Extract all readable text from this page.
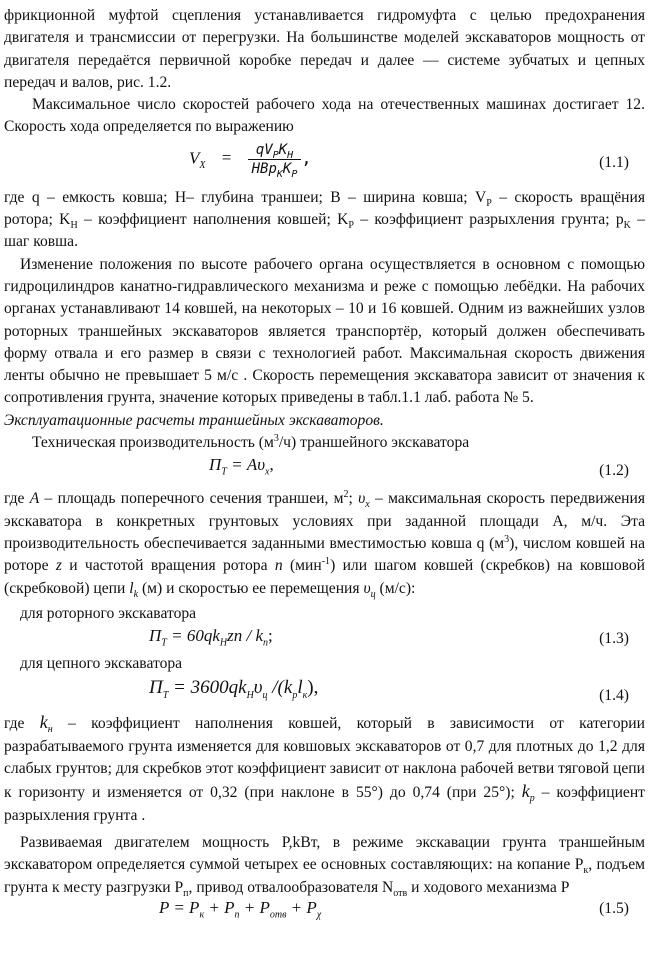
фрикционной муфтой сцепления устанавливается гидромуфта с целью предохранения двигателя и трансмиссии от перегрузки. На большинстве моделей экскаваторов мощность от двигателя передаётся первичной коробке передач и далее — системе зубчатых и цепных передач и валов, рис. 1.2.

Максимальное число скоростей рабочего хода на отечественных машинах достигает 12. Скорость хода определяется по выражению

$V_X = \frac{qV_PK_H}{HBp_KK_P}$ ,	(1.1)

где q – емкость ковша; H– глубина траншеи; B – ширина ковша; $V_P$ – скорость вращёния ротора; $K_H$ – коэффициент наполнения ковшей; $K_P$ – коэффициент разрыхления грунта; $p_K$ – шаг ковша.

Изменение положения по высоте рабочего органа осуществляется в основном с помощью гидроцилиндров канатно-гидравлического механизма и реже с помощью лебёдки. На рабочих органах устанавливают 14 ковшей, на некоторых – 10 и 16 ковшей. Одним из важнейших узлов роторных траншейных экскаваторов является транспортёр, который должен обеспечивать форму отвала и его размер в связи с технологией работ. Максимальная скорость движения ленты обычно не превышает 5 м/с . Скорость перемещения экскаватора зависит от значения к сопротивления грунта, значение которых приведены в табл.1.1 лаб. работа № 5.

Эксплуатационные расчеты траншейных экскаваторов.

Техническая производительность $(м^3/ч)$ траншейного экскаватора

$П_Т = A\upsilon_x$,	(1.2)

где A – площадь поперечного сечения траншеи, $м^2$; $\upsilon_x$ – максимальная скорость передвижения экскаватора в конкретных грунтовых условиях при заданной площади А, м/ч. Эта производительность обеспечивается заданными вместимостью ковша q $(м^3)$, числом ковшей на роторе z и частотой вращения ротора n (мин$^{-1}$) или шагом ковшей (скребков) на ковшовой (скребковой) цепи $l_k$ (м) и скоростью ее перемещения $\upsilon_ц$ (м/с):

для роторного экскаватора

$П_Т = 60qk_Нzn / k_п$;	(1.3)

для цепного экскаватора

$П_Т = 3600qk_Н\upsilon_ц$ $/(k_рl_к)$,	(1.4)

где $k_н$ – коэффициент наполнения ковшей, который в зависимости от категории разрабатываемого грунта изменяется для ковшовых экскаваторов от 0,7 для плотных до 1,2 для слабых грунтов; для скребков этот коэффициент зависит от наклона рабочей ветви тяговой цепи к горизонту и изменяется от 0,32 (при наклоне в 55°) до 0,74 (при 25°); $k_p$ – коэффициент разрыхления грунта .

Развиваемая двигателем мощность P,kВт, в режиме экскавации грунта траншейным экскаватором определяется суммой четырех ее основных составляющих: на копание $P_к$, подъем грунта к месту разгрузки $P_п$, привод отвалообразователя $N_{отв}$ и ходового механизма P

$P = P_к + P_п + P_{отв} + P_\chi$	(1.5)
